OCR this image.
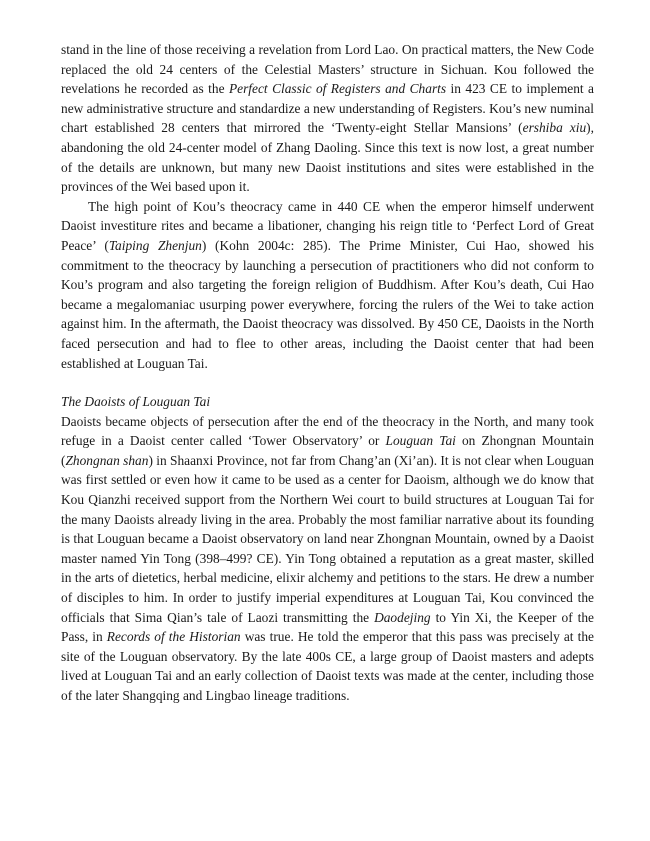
stand in the line of those receiving a revelation from Lord Lao. On practical matters, the New Code replaced the old 24 centers of the Celestial Masters’ structure in Sichuan. Kou followed the revelations he recorded as the Perfect Classic of Registers and Charts in 423 CE to implement a new administrative structure and standardize a new understanding of Registers. Kou’s new numinal chart established 28 centers that mirrored the ‘Twenty-eight Stellar Mansions’ (ershiba xiu), abandoning the old 24-center model of Zhang Daoling. Since this text is now lost, a great number of the details are unknown, but many new Daoist institutions and sites were established in the provinces of the Wei based upon it.

The high point of Kou’s theocracy came in 440 CE when the emperor himself underwent Daoist investiture rites and became a libationer, changing his reign title to ‘Perfect Lord of Great Peace’ (Taiping Zhenjun) (Kohn 2004c: 285). The Prime Minister, Cui Hao, showed his commitment to the theocracy by launching a persecution of practitioners who did not conform to Kou’s program and also targeting the foreign religion of Buddhism. After Kou’s death, Cui Hao became a megalomaniac usurping power everywhere, forcing the rulers of the Wei to take action against him. In the aftermath, the Daoist theocracy was dissolved. By 450 CE, Daoists in the North faced persecution and had to flee to other areas, including the Daoist center that had been established at Louguan Tai.

The Daoists of Louguan Tai

Daoists became objects of persecution after the end of the theocracy in the North, and many took refuge in a Daoist center called ‘Tower Observatory’ or Louguan Tai on Zhongnan Mountain (Zhongnan shan) in Shaanxi Province, not far from Chang’an (Xi’an). It is not clear when Louguan was first settled or even how it came to be used as a center for Daoism, although we do know that Kou Qianzhi received support from the Northern Wei court to build structures at Louguan Tai for the many Daoists already living in the area. Probably the most familiar narrative about its founding is that Louguan became a Daoist observatory on land near Zhongnan Mountain, owned by a Daoist master named Yin Tong (398–499? CE). Yin Tong obtained a reputation as a great master, skilled in the arts of dietetics, herbal medicine, elixir alchemy and petitions to the stars. He drew a number of disciples to him. In order to justify imperial expenditures at Louguan Tai, Kou convinced the officials that Sima Qian’s tale of Laozi transmitting the Daodejing to Yin Xi, the Keeper of the Pass, in Records of the Historian was true. He told the emperor that this pass was precisely at the site of the Louguan observatory. By the late 400s CE, a large group of Daoist masters and adepts lived at Louguan Tai and an early collection of Daoist texts was made at the center, including those of the later Shangqing and Lingbao lineage traditions.
